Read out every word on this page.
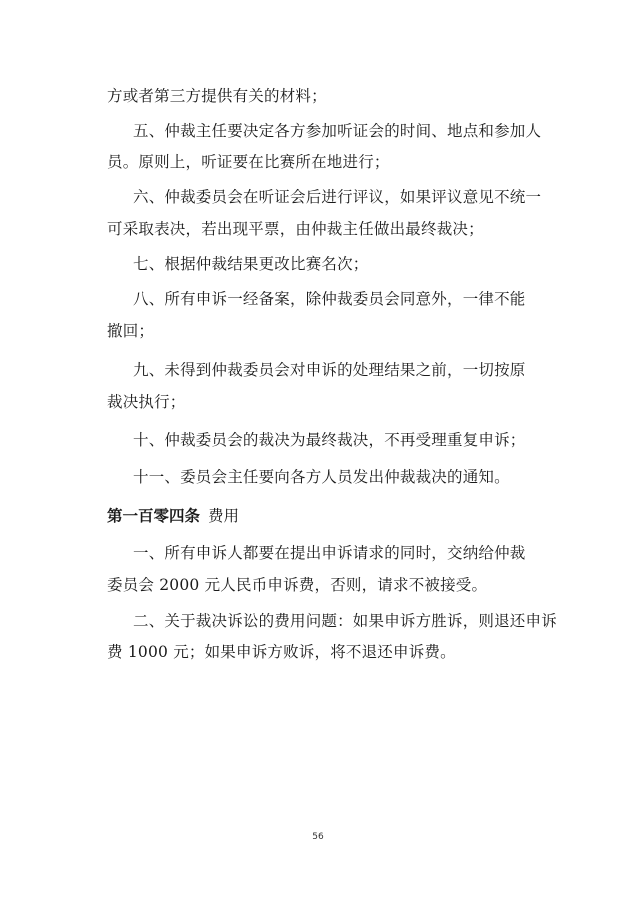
方或者第三方提供有关的材料；
五、仲裁主任要决定各方参加听证会的时间、地点和参加人
员。原则上，听证要在比赛所在地进行；
六、仲裁委员会在听证会后进行评议，如果评议意见不统一
可采取表决，若出现平票，由仲裁主任做出最终裁决；
七、根据仲裁结果更改比赛名次；
八、所有申诉一经备案，除仲裁委员会同意外，一律不能
撤回；
九、未得到仲裁委员会对申诉的处理结果之前，一切按原
裁决执行；
十、仲裁委员会的裁决为最终裁决，不再受理重复申诉；
十一、委员会主任要向各方人员发出仲裁裁决的通知。
第一百零四条 费用
一、所有申诉人都要在提出申诉请求的同时，交纳给仲裁
委员会 2000 元人民币申诉费，否则，请求不被接受。
二、关于裁决诉讼的费用问题：如果申诉方胜诉，则退还申诉
费 1000 元；如果申诉方败诉，将不退还申诉费。
56
